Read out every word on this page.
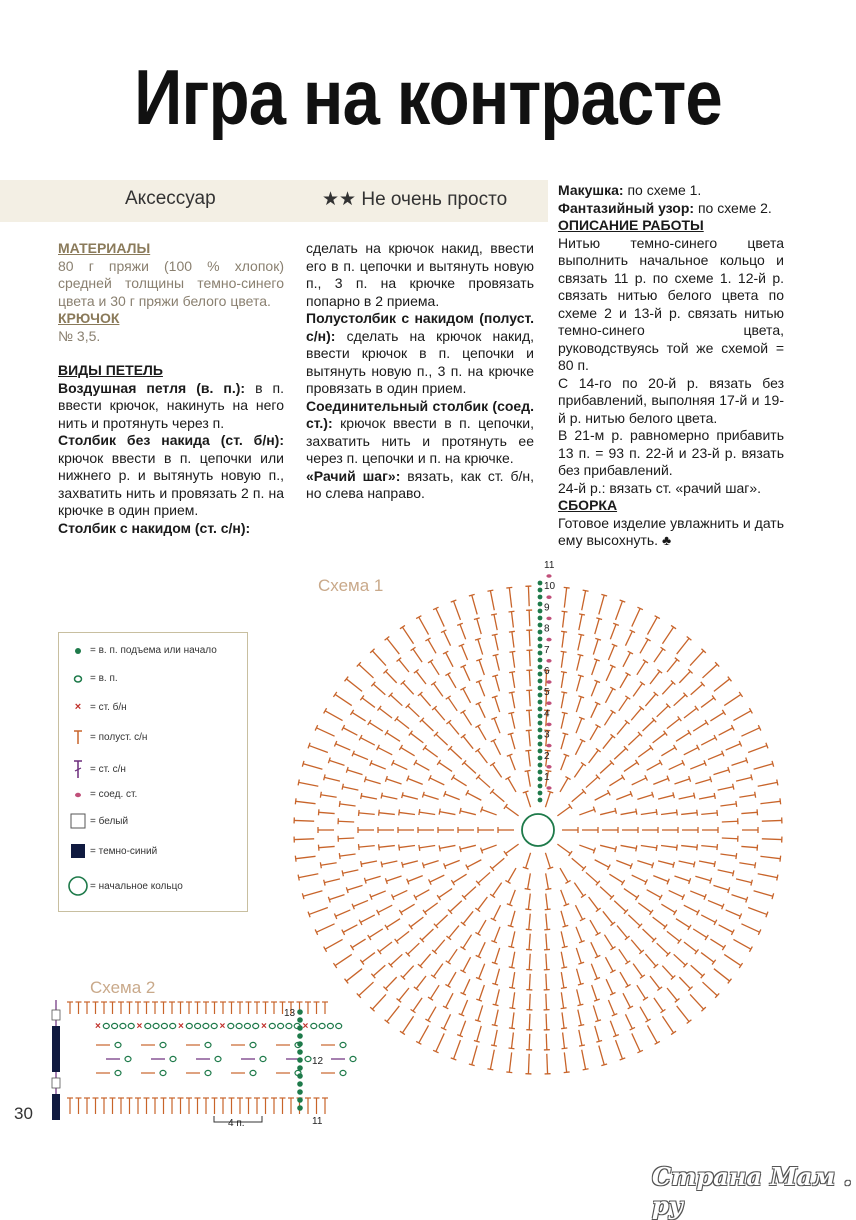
Игра на контрасте
Аксессуар	★★ Не очень просто

МАТЕРИАЛЫ

80 г пряжи (100 % хлопок) средней толщины темно-синего цвета и 30 г пряжи белого цвета.

КРЮЧОК

№ 3,5.

ВИДЫ ПЕТЕЛЬ

Воздушная петля (в. п.): в п. ввести крючок, накинуть на него нить и протянуть через п.

Столбик без накида (ст. б/н): крючок ввести в п. цепочки или нижнего р. и вытянуть новую п., захватить нить и провязать 2 п. на крючке в один прием.

Столбик с накидом (ст. с/н):

сделать на крючок накид, ввести его в п. цепочки и вытянуть новую п., 3 п. на крючке провязать попарно в 2 приема.

Полустолбик с накидом (полуст. с/н): сделать на крючок накид, ввести крючок в п. цепочки и вытянуть новую п., 3 п. на крючке провязать в один прием.

Соединительный столбик (соед. ст.): крючок ввести в п. цепочки, захватить нить и протянуть ее через п. цепочки и п. на крючке.

«Рачий шаг»: вязать, как ст. б/н, но слева направо.

Макушка: по схеме 1.

Фантазийный узор: по схеме 2.

ОПИСАНИЕ РАБОТЫ

Нитью темно-синего цвета выполнить начальное кольцо и связать 11 р. по схеме 1. 12-й р. связать нитью белого цвета по схеме 2 и 13-й р. связать нитью темно-синего цвета, руководствуясь той же схемой = 80 п.

С 14-го по 20-й р. вязать без прибавлений, выполняя 17-й и 19-й р. нитью белого цвета.

В 21-м р. равномерно прибавить 13 п. = 93 п. 22-й и 23-й р. вязать без прибавлений.

24-й р.: вязать ст. «рачий шаг».

СБОРКА

Готовое изделие увлажнить и дать ему высохнуть. ♣

Схема 1
Схема 2
= в. п. подъема или начало
= в. п.
× = ст. б/н
= полуст. с/н
= ст. с/н
= соед. ст.
= белый
= темно-синий
= начальное кольцо
1
2
3
4
5
6
7
8
9
10
11
×	×	×	×	×	×
11
12
13
4 п.
30
Страна Мам . ру
